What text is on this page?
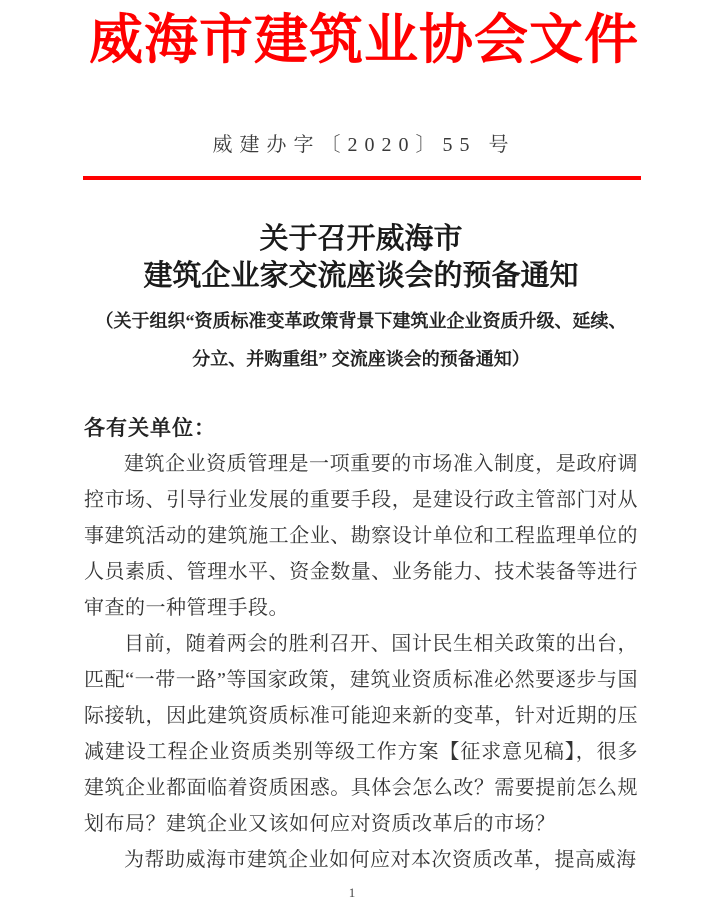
威海市建筑业协会文件
威建办字〔2020〕55 号
关于召开威海市
建筑企业家交流座谈会的预备通知
（关于组织“资质标准变革政策背景下建筑业企业资质升级、延续、
分立、并购重组” 交流座谈会的预备通知）
各有关单位：

建筑企业资质管理是一项重要的市场准入制度，是政府调控市场、引导行业发展的重要手段，是建设行政主管部门对从事建筑活动的建筑施工企业、勘察设计单位和工程监理单位的人员素质、管理水平、资金数量、业务能力、技术装备等进行审查的一种管理手段。

目前，随着两会的胜利召开、国计民生相关政策的出台，匹配“一带一路”等国家政策，建筑业资质标准必然要逐步与国际接轨，因此建筑资质标准可能迎来新的变革，针对近期的压减建设工程企业资质类别等级工作方案【征求意见稿】，很多建筑企业都面临着资质困惑。具体会怎么改？需要提前怎么规划布局？建筑企业又该如何应对资质改革后的市场？

为帮助威海市建筑企业如何应对本次资质改革，提高威海

1
